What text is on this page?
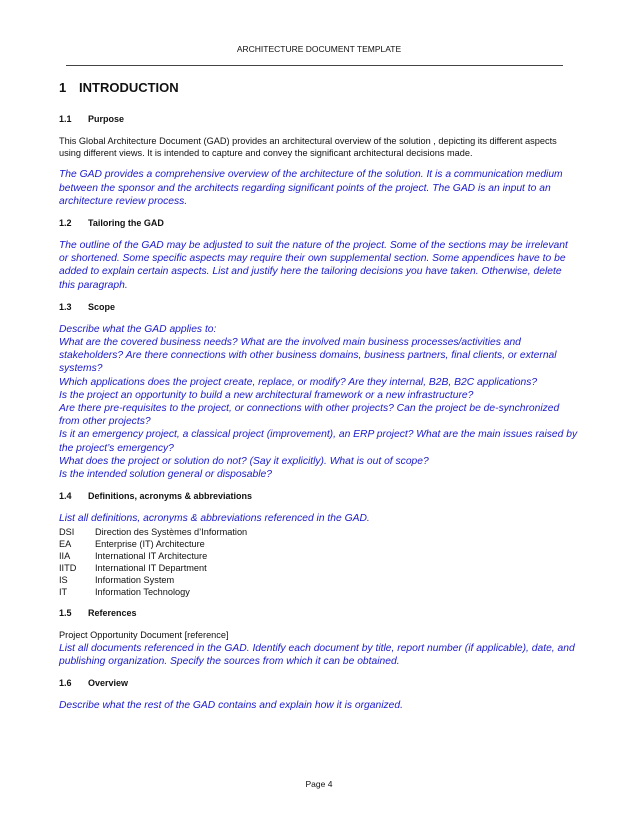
ARCHITECTURE DOCUMENT TEMPLATE
1 INTRODUCTION
1.1	Purpose
This Global Architecture Document (GAD) provides an architectural overview of the solution , depicting its different aspects using different views. It is intended to capture and convey the significant architectural decisions made.
The GAD provides a comprehensive overview of the architecture of the solution. It is a communication medium between the sponsor and the architects regarding significant points of the project. The GAD is an input to an architecture review process.
1.2	Tailoring the GAD
The outline of the GAD may be adjusted to suit the nature of the project. Some of the sections may be irrelevant or shortened. Some specific aspects may require their own supplemental section. Some appendices have to be added to explain certain aspects. List and justify here the tailoring decisions you have taken. Otherwise, delete this paragraph.
1.3	Scope
Describe what the GAD applies to:
What are the covered business needs? What are the involved main business processes/activities and stakeholders? Are there connections with other business domains, business partners, final clients, or external systems?
Which applications does the project create, replace, or modify? Are they internal, B2B, B2C applications?
Is the project an opportunity to build a new architectural framework or a new infrastructure?
Are there pre-requisites to the project, or connections with other projects? Can the project be de-synchronized from other projects?
Is it an emergency project, a classical project (improvement), an ERP project? What are the main issues raised by the project’s emergency?
What does the project or solution do not? (Say it explicitly). What is out of scope?
Is the intended solution general or disposable?
1.4	Definitions, acronyms & abbreviations
List all definitions, acronyms & abbreviations referenced in the GAD.
DSI	Direction des Systèmes d’Information
EA	Enterprise (IT) Architecture
IIA	International IT Architecture
IITD	International IT Department
IS	Information System
IT	Information Technology
1.5	References
Project Opportunity Document [reference]
List all documents referenced in the GAD. Identify each document by title, report number (if applicable), date, and publishing organization. Specify the sources from which it can be obtained.
1.6	Overview
Describe what the rest of the GAD contains and explain how it is organized.
Page 4
